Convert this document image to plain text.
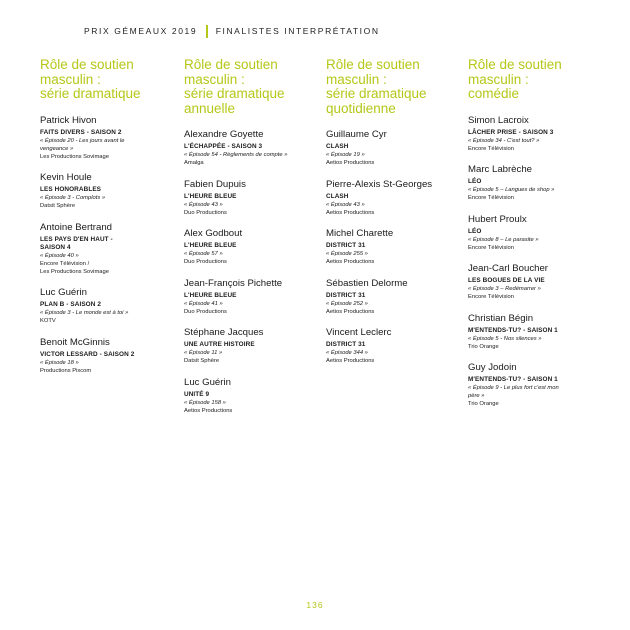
PRIX GÉMEAUX 2019 FINALISTES INTERPRÉTATION
Rôle de soutien
masculin :
série dramatique
Patrick Hivon
FAITS DIVERS - SAISON 2
« Épisode 20 - Les jours avant le
vengeance »
Les Productions Sovimage
Kevin Houle
LES HONORABLES
« Épisode 3 - Complots »
Datsit Sphère
Antoine Bertrand
LES PAYS D'EN HAUT -
SAISON 4
« Épisode 40 »
Encore Télévision /
Les Productions Sovimage
Luc Guérin
PLAN B - SAISON 2
« Épisode 3 - Le monde est à toi »
KOTV
Benoit McGinnis
VICTOR LESSARD - SAISON 2
« Épisode 18 »
Productions Pixcom
Rôle de soutien
masculin :
série dramatique
annuelle
Alexandre Goyette
L'ÉCHAPPÉE - SAISON 3
« Épisode 54 - Règlements de compte »
Amalga
Fabien Dupuis
L'HEURE BLEUE
« Épisode 43 »
Duo Productions
Alex Godbout
L'HEURE BLEUE
« Épisode 57 »
Duo Productions
Jean-François Pichette
L'HEURE BLEUE
« Épisode 41 »
Duo Productions
Stéphane Jacques
UNE AUTRE HISTOIRE
« Épisode 11 »
Datsit Sphère
Luc Guérin
UNITÉ 9
« Épisode 158 »
Aetios Productions
Rôle de soutien
masculin :
série dramatique
quotidienne
Guillaume Cyr
CLASH
« Épisode 19 »
Aetios Productions
Pierre-Alexis St-Georges
CLASH
« Épisode 43 »
Aetios Productions
Michel Charette
DISTRICT 31
« Épisode 255 »
Aetios Productions
Sébastien Delorme
DISTRICT 31
« Épisode 252 »
Aetios Productions
Vincent Leclerc
DISTRICT 31
« Épisode 344 »
Aetios Productions
Rôle de soutien
masculin :
comédie
Simon Lacroix
LÂCHER PRISE - SAISON 3
« Épisode 34 - C'est tout? »
Encore Télévision
Marc Labrèche
LÉO
« Épisode 5 – Langues de shop »
Encore Télévision
Hubert Proulx
LÉO
« Épisode 8 – Le parasite »
Encore Télévision
Jean-Carl Boucher
LES BOGUES DE LA VIE
« Épisode 3 – Redémarrer »
Encore Télévision
Christian Bégin
M'ENTENDS-TU? - SAISON 1
« Épisode 5 - Nos silences »
Trio Orange
Guy Jodoin
M'ENTENDS-TU? - SAISON 1
« Épisode 9 - Le plus fort c'est mon
père »
Trio Orange
136
